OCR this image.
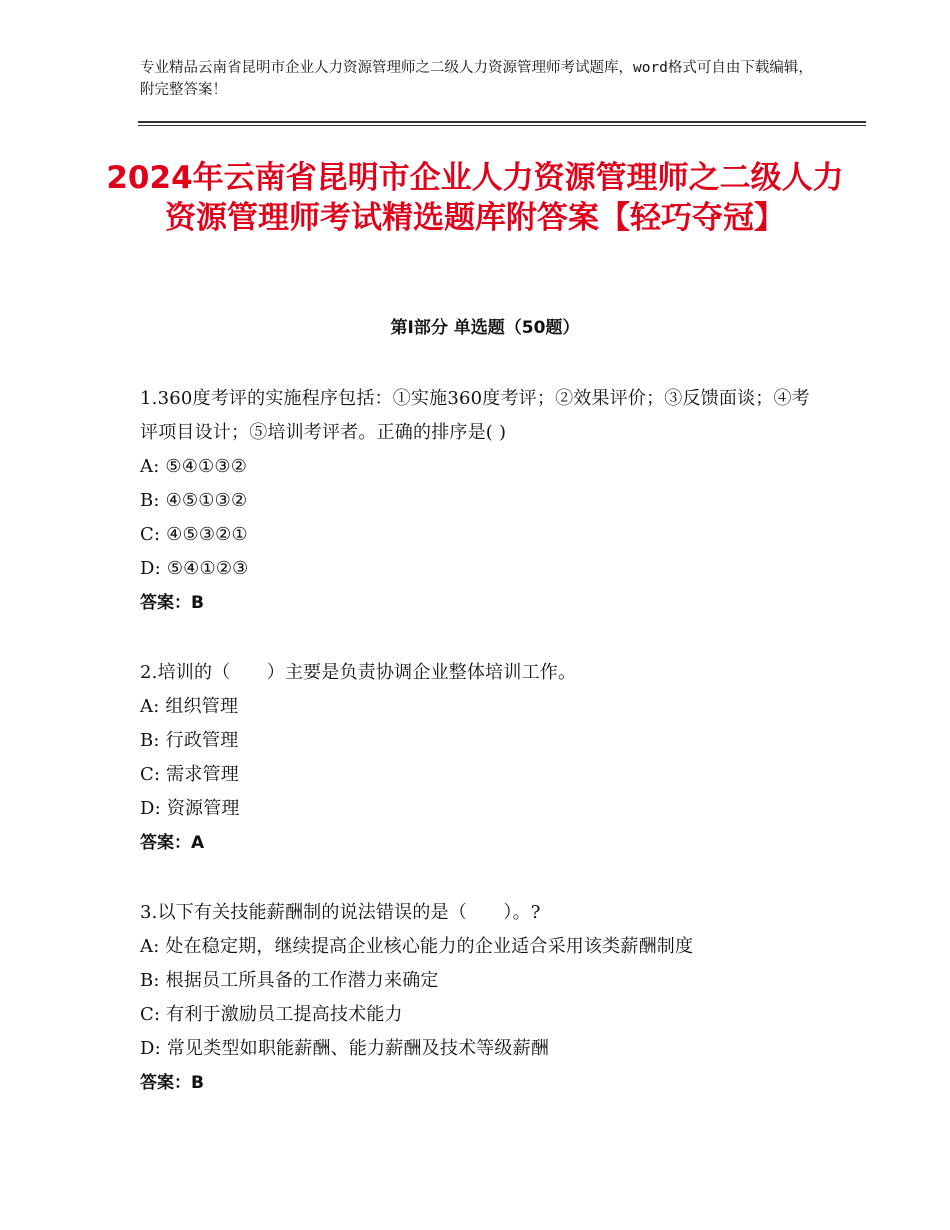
专业精品云南省昆明市企业人力资源管理师之二级人力资源管理师考试题库，word格式可自由下载编辑，附完整答案！
2024年云南省昆明市企业人力资源管理师之二级人力资源管理师考试精选题库附答案【轻巧夺冠】
第Ⅰ部分 单选题（50题）
1.360度考评的实施程序包括：①实施360度考评；②效果评价；③反馈面谈；④考评项目设计；⑤培训考评者。正确的排序是( )
A: ⑤④①③②
B: ④⑤①③②
C: ④⑤③②①
D: ⑤④①②③
答案：B
2.培训的（　　）主要是负责协调企业整体培训工作。
A: 组织管理
B: 行政管理
C: 需求管理
D: 资源管理
答案：A
3.以下有关技能薪酬制的说法错误的是（　　）。?
A: 处在稳定期，继续提高企业核心能力的企业适合采用该类薪酬制度
B: 根据员工所具备的工作潜力来确定
C: 有利于激励员工提高技术能力
D: 常见类型如职能薪酬、能力薪酬及技术等级薪酬
答案：B
